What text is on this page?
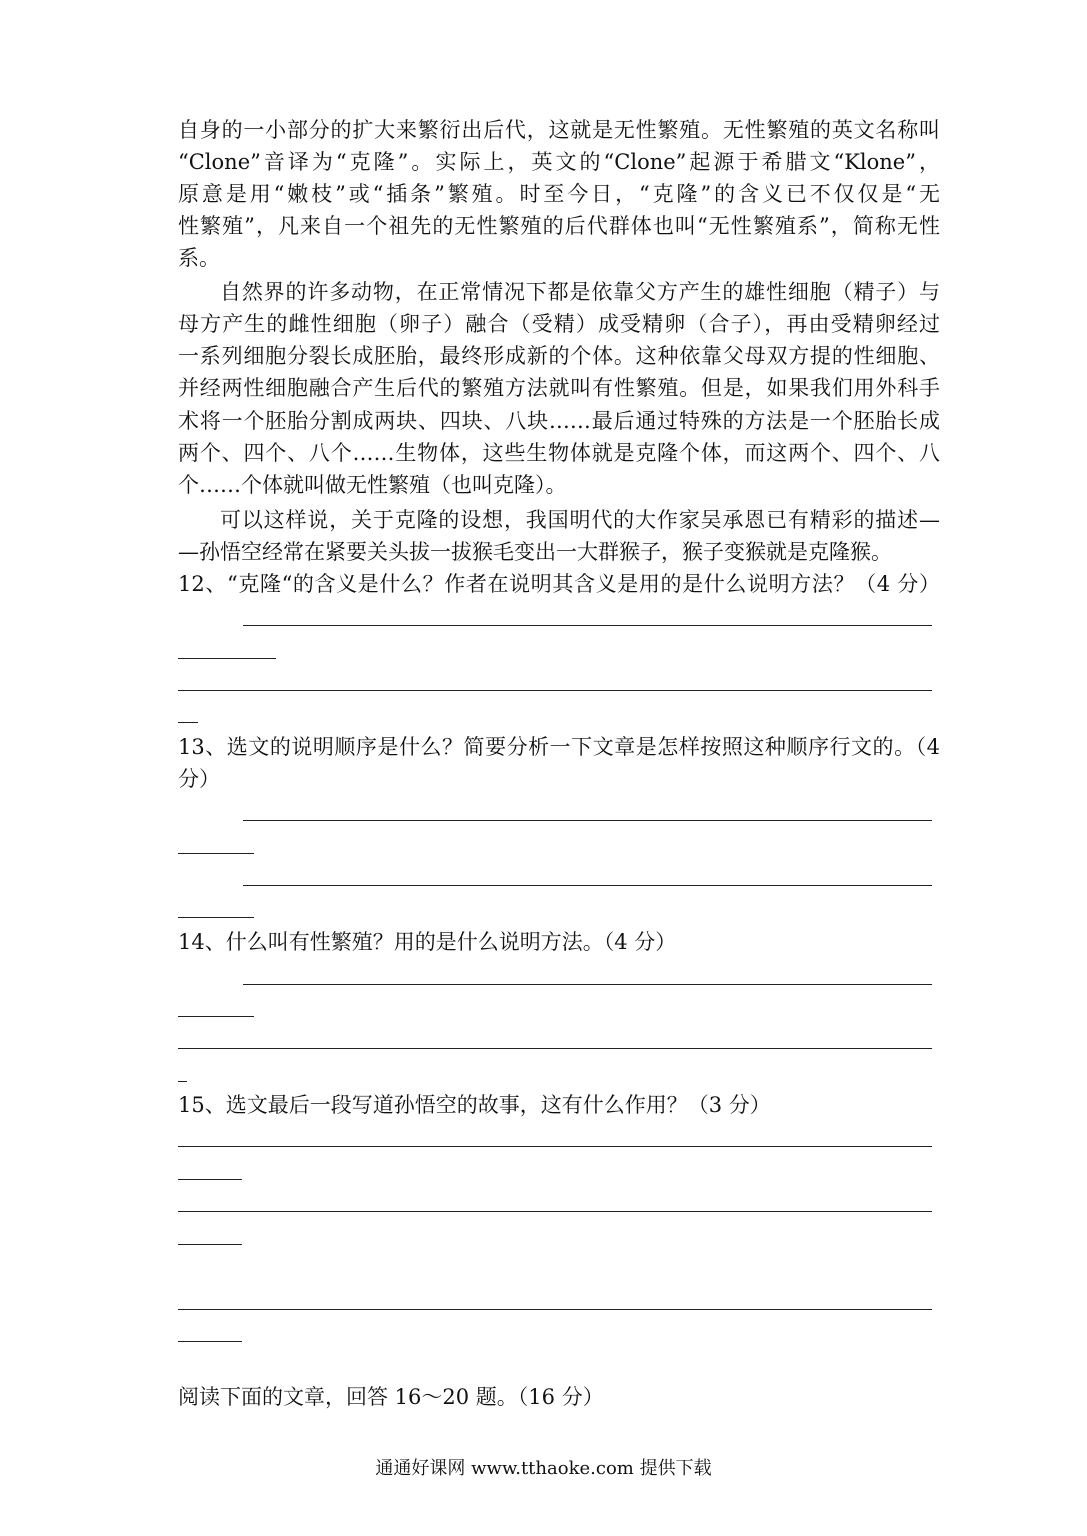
自身的一小部分的扩大来繁衍出后代，这就是无性繁殖。无性繁殖的英文名称叫
“Clone”音译为“克隆”。实际上，英文的“Clone”起源于希腊文“Klone”，
原意是用“嫩枝”或“插条”繁殖。时至今日，“克隆”的含义已不仅仅是“无
性繁殖”，凡来自一个祖先的无性繁殖的后代群体也叫“无性繁殖系”，简称无性
系。
自然界的许多动物，在正常情况下都是依靠父方产生的雄性细胞（精子）与
母方产生的雌性细胞（卵子）融合（受精）成受精卵（合子），再由受精卵经过
一系列细胞分裂长成胚胎，最终形成新的个体。这种依靠父母双方提的性细胞、
并经两性细胞融合产生后代的繁殖方法就叫有性繁殖。但是，如果我们用外科手
术将一个胚胎分割成两块、四块、八块……最后通过特殊的方法是一个胚胎长成
两个、四个、八个……生物体，这些生物体就是克隆个体，而这两个、四个、八
个……个体就叫做无性繁殖（也叫克隆）。
可以这样说，关于克隆的设想，我国明代的大作家吴承恩已有精彩的描述—
—孙悟空经常在紧要关头拔一拔猴毛变出一大群猴子，猴子变猴就是克隆猴。
12、“克隆“的含义是什么？作者在说明其含义是用的是什么说明方法？（4 分）
13、选文的说明顺序是什么？简要分析一下文章是怎样按照这种顺序行文的。（4
分）
14、什么叫有性繁殖？用的是什么说明方法。（4 分）
15、选文最后一段写道孙悟空的故事，这有什么作用？（3 分）
阅读下面的文章，回答 16～20 题。（16 分）
通通好课网 www.tthaoke.com 提供下载
